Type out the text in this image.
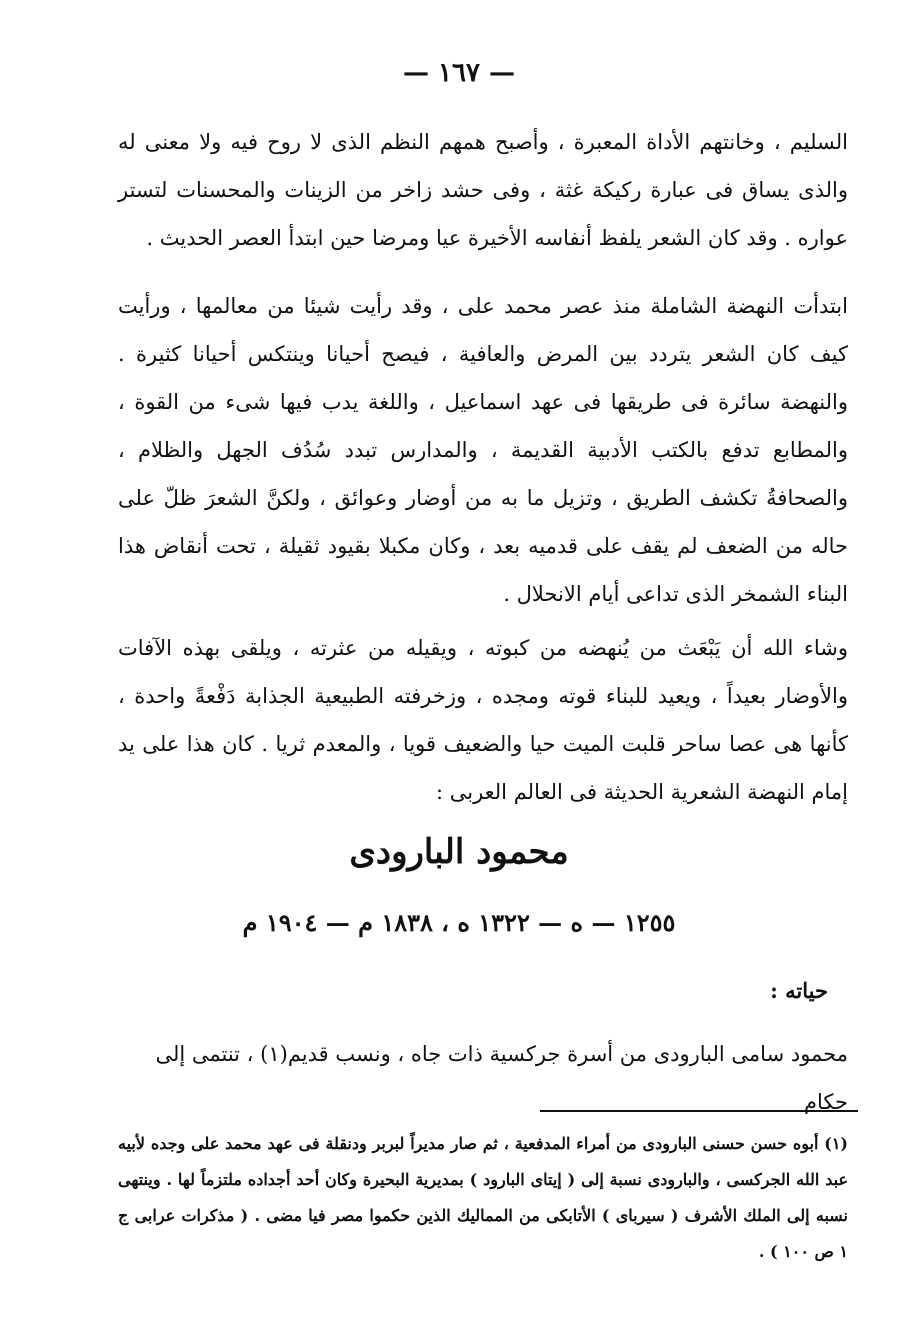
— ١٦٧ —

السليم ، وخانتهم الأداة المعبرة ، وأصبح همهم النظم الذى لا روح فيه ولا معنى له والذى يساق فى عبارة ركيكة غثة ، وفى حشد زاخر من الزينات والمحسنات لتستر عواره . وقد كان الشعر يلفظ أنفاسه الأخيرة عيا ومرضا حين ابتدأ العصر الحديث .

ابتدأت النهضة الشاملة منذ عصر محمد على ، وقد رأيت شيئا من معالمها ، ورأيت كيف كان الشعر يتردد بين المرض والعافية ، فيصح أحيانا وينتكس أحيانا كثيرة . والنهضة سائرة فى طريقها فى عهد اسماعيل ، واللغة يدب فيها شىء من القوة ، والمطابع تدفع بالكتب الأدبية القديمة ، والمدارس تبدد سُدُف الجهل والظلام ، والصحافةُ تكشف الطريق ، وتزيل ما به من أوضار وعوائق ، ولكنَّ الشعرَ ظلّ على حاله من الضعف لم يقف على قدميه بعد ، وكان مكبلا بقيود ثقيلة ، تحت أنقاض هذا البناء الشمخر الذى تداعى أيام الانحلال .

وشاء الله أن يَبْعَث من يُنهضه من كبوته ، ويقيله من عثرته ، ويلقى بهذه الآفات والأوضار بعيداً ، ويعيد للبناء قوته ومجده ، وزخرفته الطبيعية الجذابة دَفْعةً واحدة ، كأنها هى عصا ساحر قلبت الميت حيا والضعيف قويا ، والمعدم ثريا . كان هذا على يد إمام النهضة الشعرية الحديثة فى العالم العربى :

محمود البارودى
١٢٥٥ — ه — ١٣٢٢ ه ، ١٨٣٨ م — ١٩٠٤ م
حياته :
محمود سامى البارودى من أسرة جركسية ذات جاه ، ونسب قديم(١) ، تنتمى إلى حكام

(١) أبوه حسن حسنى البارودى من أمراء المدفعية ، ثم صار مديراً لبربر ودنقلة فى عهد محمد على وجده لأبيه عبد الله الجركسى ، والبارودى نسبة إلى ( إيتاى البارود ) بمديرية البحيرة وكان أحد أجداده ملتزماً لها . وينتهى نسبه إلى الملك الأشرف ( سيرباى ) الأتابكى من المماليك الذين حكموا مصر فيا مضى . ( مذكرات عرابى ج ١ ص ١٠٠ ) .
